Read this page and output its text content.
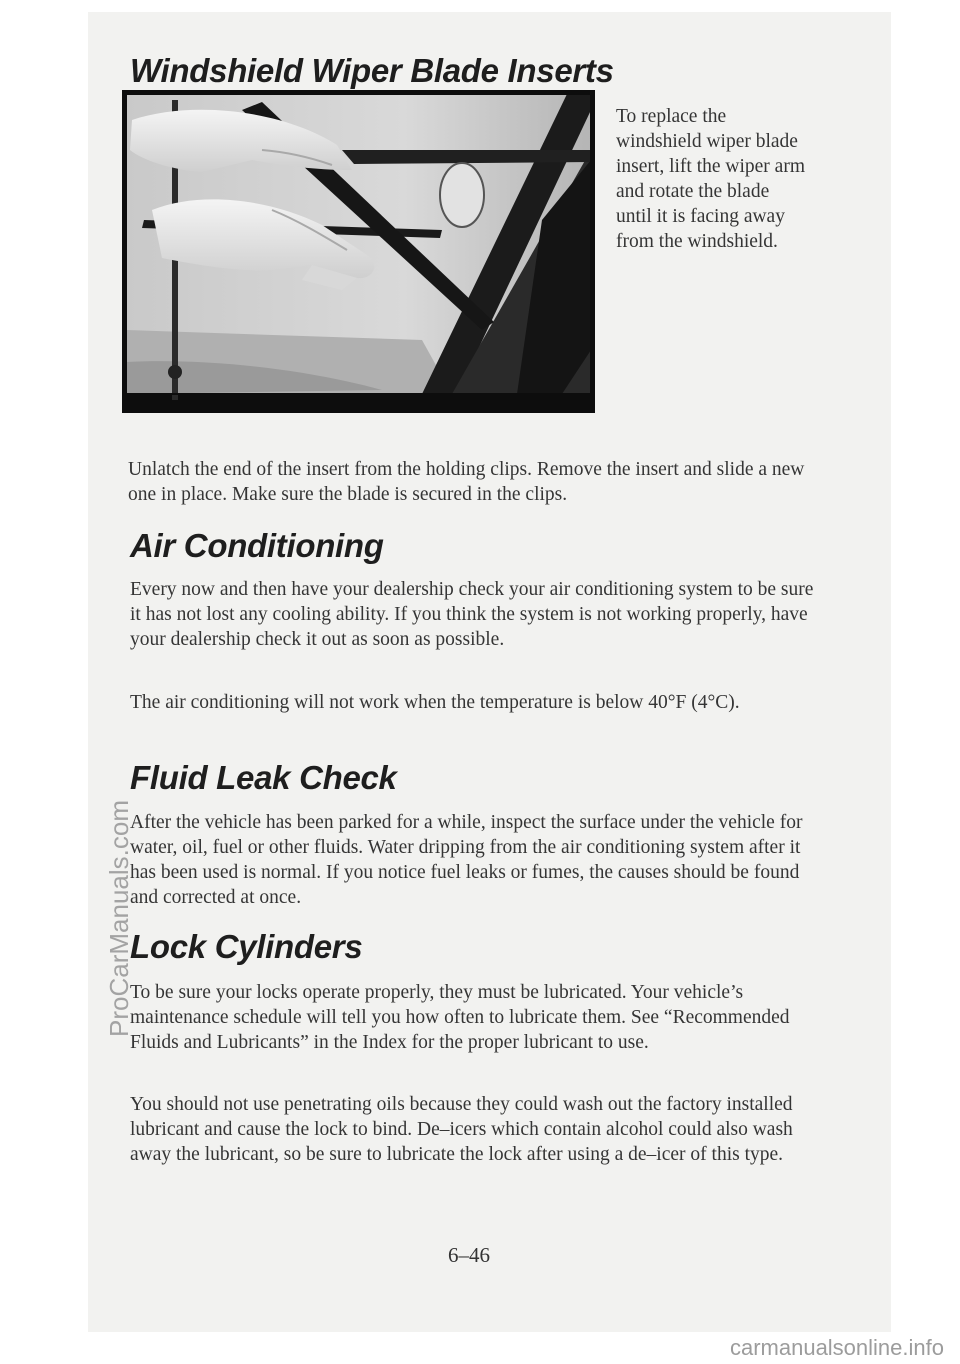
Windshield Wiper Blade Inserts

To replace the windshield wiper blade insert, lift the wiper arm and rotate the blade until it is facing away from the windshield.

Unlatch the end of the insert from the holding clips. Remove the insert and slide a new one in place. Make sure the blade is secured in the clips.

Air Conditioning

Every now and then have your dealership check your air conditioning system to be sure it has not lost any cooling ability. If you think the system is not working properly, have your dealership check it out as soon as possible.

The air conditioning will not work when the temperature is below 40°F (4°C).

Fluid Leak Check

After the vehicle has been parked for a while, inspect the surface under the vehicle for water, oil, fuel or other fluids. Water dripping from the air conditioning system after it has been used is normal. If you notice fuel leaks or fumes, the causes should be found and corrected at once.

Lock Cylinders

To be sure your locks operate properly, they must be lubricated. Your vehicle’s maintenance schedule will tell you how often to lubricate them. See “Recommended Fluids and Lubricants” in the Index for the proper lubricant to use.

You should not use penetrating oils because they could wash out the factory installed lubricant and cause the lock to bind. De–icers which contain alcohol could also wash away the lubricant, so be sure to lubricate the lock after using a de–icer of this type.

6–46
ProCarManuals.com
carmanualsonline.info
